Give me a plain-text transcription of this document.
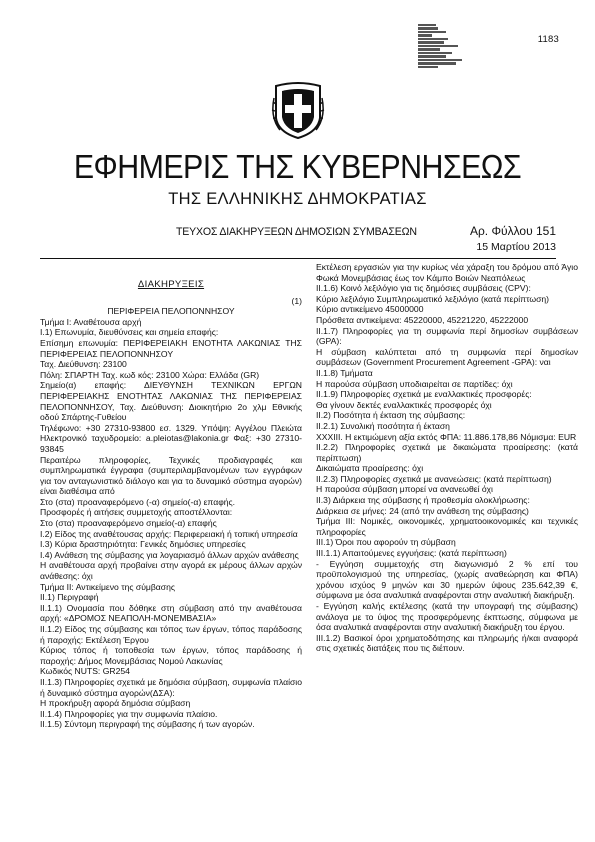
1183
ΕΦΗΜΕΡΙΣ ΤΗΣ ΚΥΒΕΡΝΗΣΕΩΣ
ΤΗΣ ΕΛΛΗΝΙΚΗΣ ΔΗΜΟΚΡΑΤΙΑΣ
ΤΕΥΧΟΣ ΔΙΑΚΗΡΥΞΕΩΝ ΔΗΜΟΣΙΩΝ ΣΥΜΒΑΣΕΩΝ	Αρ. Φύλλου 151
15 Μαρτίου 2013

ΔΙΑΚΗΡΥΞΕΙΣ

(1)

ΠΕΡΙΦΕΡΕΙΑ ΠΕΛΟΠΟΝΝΗΣΟΥ

Τμήμα Ι: Αναθέτουσα αρχή

Ι.1) Επωνυμία, διευθύνσεις και σημεία επαφής:

Επίσημη επωνυμία: ΠΕΡΙΦΕΡΕΙΑΚΗ ΕΝΟΤΗΤΑ ΛΑΚΩΝΙΑΣ ΤΗΣ ΠΕΡΙΦΕΡΕΙΑΣ ΠΕΛΟΠΟΝΝΗΣΟΥ

Ταχ. Διεύθυνση: 23100

Πόλη: ΣΠΑΡΤΗ Ταχ. κωδ κός: 23100 Χώρα: Ελλάδα (GR)

Σημείο(α) επαφής: ΔΙΕΥΘΥΝΣΗ ΤΕΧΝΙΚΩΝ ΕΡΓΩΝ ΠΕΡΙΦΕΡΕΙΑΚΗΣ ΕΝΟΤΗΤΑΣ ΛΑΚΩΝΙΑΣ ΤΗΣ ΠΕΡΙΦΕΡΕΙΑΣ ΠΕΛΟΠΟΝΝΗΣΟΥ, Ταχ. Διεύθυνση: Διοικητήριο 2ο χλμ Εθνικής οδού Σπάρτης-Γυθείου

Τηλέφωνο: +30 27310-93800 εσ. 1329. Υπόψη: Αγγέλου Πλειώτα Ηλεκτρονικό ταχυδρομείο: a.pleiotas@lakonia.gr Φαξ: +30 27310-93845

Περαιτέρω πληροφορίες, Τεχνικές προδιαγραφές και συμπληρωματικά έγγραφα (συμπεριλαμβανομένων των εγγράφων για τον ανταγωνιστικό διάλογο και για το δυναμικό σύστημα αγορών) είναι διαθέσιμα από

Στο (στα) προαναφερόμενο (-α) σημείο(-α) επαφής.

Προσφορές ή αιτήσεις συμμετοχής αποστέλλονται:

Στο (στα) προαναφερόμενο σημείο(-α) επαφής

Ι.2) Είδος της αναθέτουσας αρχής: Περιφερειακή ή τοπική υπηρεσία

Ι.3) Κύρια δραστηριότητα: Γενικές δημόσιες υπηρεσίες

Ι.4) Ανάθεση της σύμβασης για λογαριασμό άλλων αρχών ανάθεσης

Η αναθέτουσα αρχή προβαίνει στην αγορά εκ μέρους άλλων αρχών ανάθεσης: όχι

Τμήμα ΙΙ: Αντικείμενο της σύμβασης

ΙΙ.1) Περιγραφή

ΙΙ.1.1) Ονομασία που δόθηκε στη σύμβαση από την αναθέτουσα αρχή: «ΔΡΟΜΟΣ ΝΕΑΠΟΛΗ-ΜΟΝΕΜΒΑΣΙΑ»

ΙΙ.1.2) Είδος της σύμβασης και τόπος των έργων, τόπος παράδοσης ή παροχής: Εκτέλεση Έργου

Κύριος τόπος ή τοποθεσία των έργων, τόπος παράδοσης ή παροχής: Δήμος Μονεμβάσιας Νομού Λακωνίας

Κωδικός NUTS: GR254

ΙΙ.1.3) Πληροφορίες σχετικά με δημόσια σύμβαση, συμφωνία πλαίσιο ή δυναμικό σύστημα αγορών(ΔΣΑ):

Η προκήρυξη αφορά δημόσια σύμβαση

ΙΙ.1.4) Πληροφορίες για την συμφωνία πλαίσιο.

ΙΙ.1.5) Σύντομη περιγραφή της σύμβασης ή των αγορών.

Εκτέλεση εργασιών για την κυρίως νέα χάραξη του δρόμου από Άγιο Φωκά Μονεμβάσιας έως τον Κάμπο Βοιών Νεαπόλεως

ΙΙ.1.6) Κοινό λεξιλόγιο για τις δημόσιες συμβάσεις (CPV):

Κύριο λεξιλόγιο Συμπληρωματικό λεξιλόγιο (κατά περίπτωση)

Κύριο αντικείμενο 45000000

Πρόσθετα αντικείμενα: 45220000, 45221220, 45222000

ΙΙ.1.7) Πληροφορίες για τη συμφωνία περί δημοσίων συμβάσεων (GPA):

Η σύμβαση καλύπτεται από τη συμφωνία περί δημοσίων συμβάσεων (Government Procurement Agreement -GPA): ναι

ΙΙ.1.8) Τμήματα

Η παρούσα σύμβαση υποδιαιρείται σε παρτίδες: όχι

ΙΙ.1.9) Πληροφορίες σχετικά με εναλλακτικές προσφορές:

Θα γίνουν δεκτές εναλλακτικές προσφορές όχι

ΙΙ.2) Ποσότητα ή έκταση της σύμβασης:

ΙΙ.2.1) Συνολική ποσότητα ή έκταση

ΧΧΧΙΙΙ. Η εκτιμώμενη αξία εκτός ΦΠΑ: 11.886.178,86 Νόμισμα: EUR

ΙΙ.2.2) Πληροφορίες σχετικά με δικαιώματα προαίρεσης: (κατά περίπτωση)

Δικαιώματα προαίρεσης: όχι

ΙΙ.2.3) Πληροφορίες σχετικά με ανανεώσεις: (κατά περίπτωση)

Η παρούσα σύμβαση μπορεί να ανανεωθεί όχι

ΙΙ.3) Διάρκεια της σύμβασης ή προθεσμία ολοκλήρωσης:

Διάρκεια σε μήνες: 24 (από την ανάθεση της σύμβασης)

Τμήμα ΙΙΙ: Νομικές, οικονομικές, χρηματοοικονομικές και τεχνικές πληροφορίες

ΙΙΙ.1) Όροι που αφορούν τη σύμβαση

ΙΙΙ.1.1) Απαιτούμενες εγγυήσεις: (κατά περίπτωση)

- Εγγύηση συμμετοχής στη διαγωνισμό 2 % επί του προϋπολογισμού της υπηρεσίας, (χωρίς αναθεώρηση και ΦΠΑ) χρόνου ισχύος 9 μηνών και 30 ημερών ύψους 235.642,39 €, σύμφωνα με όσα αναλυτικά αναφέρονται στην αναλυτική διακήρυξη.

- Εγγύηση καλής εκτέλεσης (κατά την υπογραφή της σύμβασης) ανάλογα με το ύψος της προσφερόμενης έκπτωσης, σύμφωνα με όσα αναλυτικά αναφέρονται στην αναλυτική διακήρυξη του έργου.

ΙΙΙ.1.2) Βασικοί όροι χρηματοδότησης και πληρωμής ή/και αναφορά στις σχετικές διατάξεις που τις διέπουν.
